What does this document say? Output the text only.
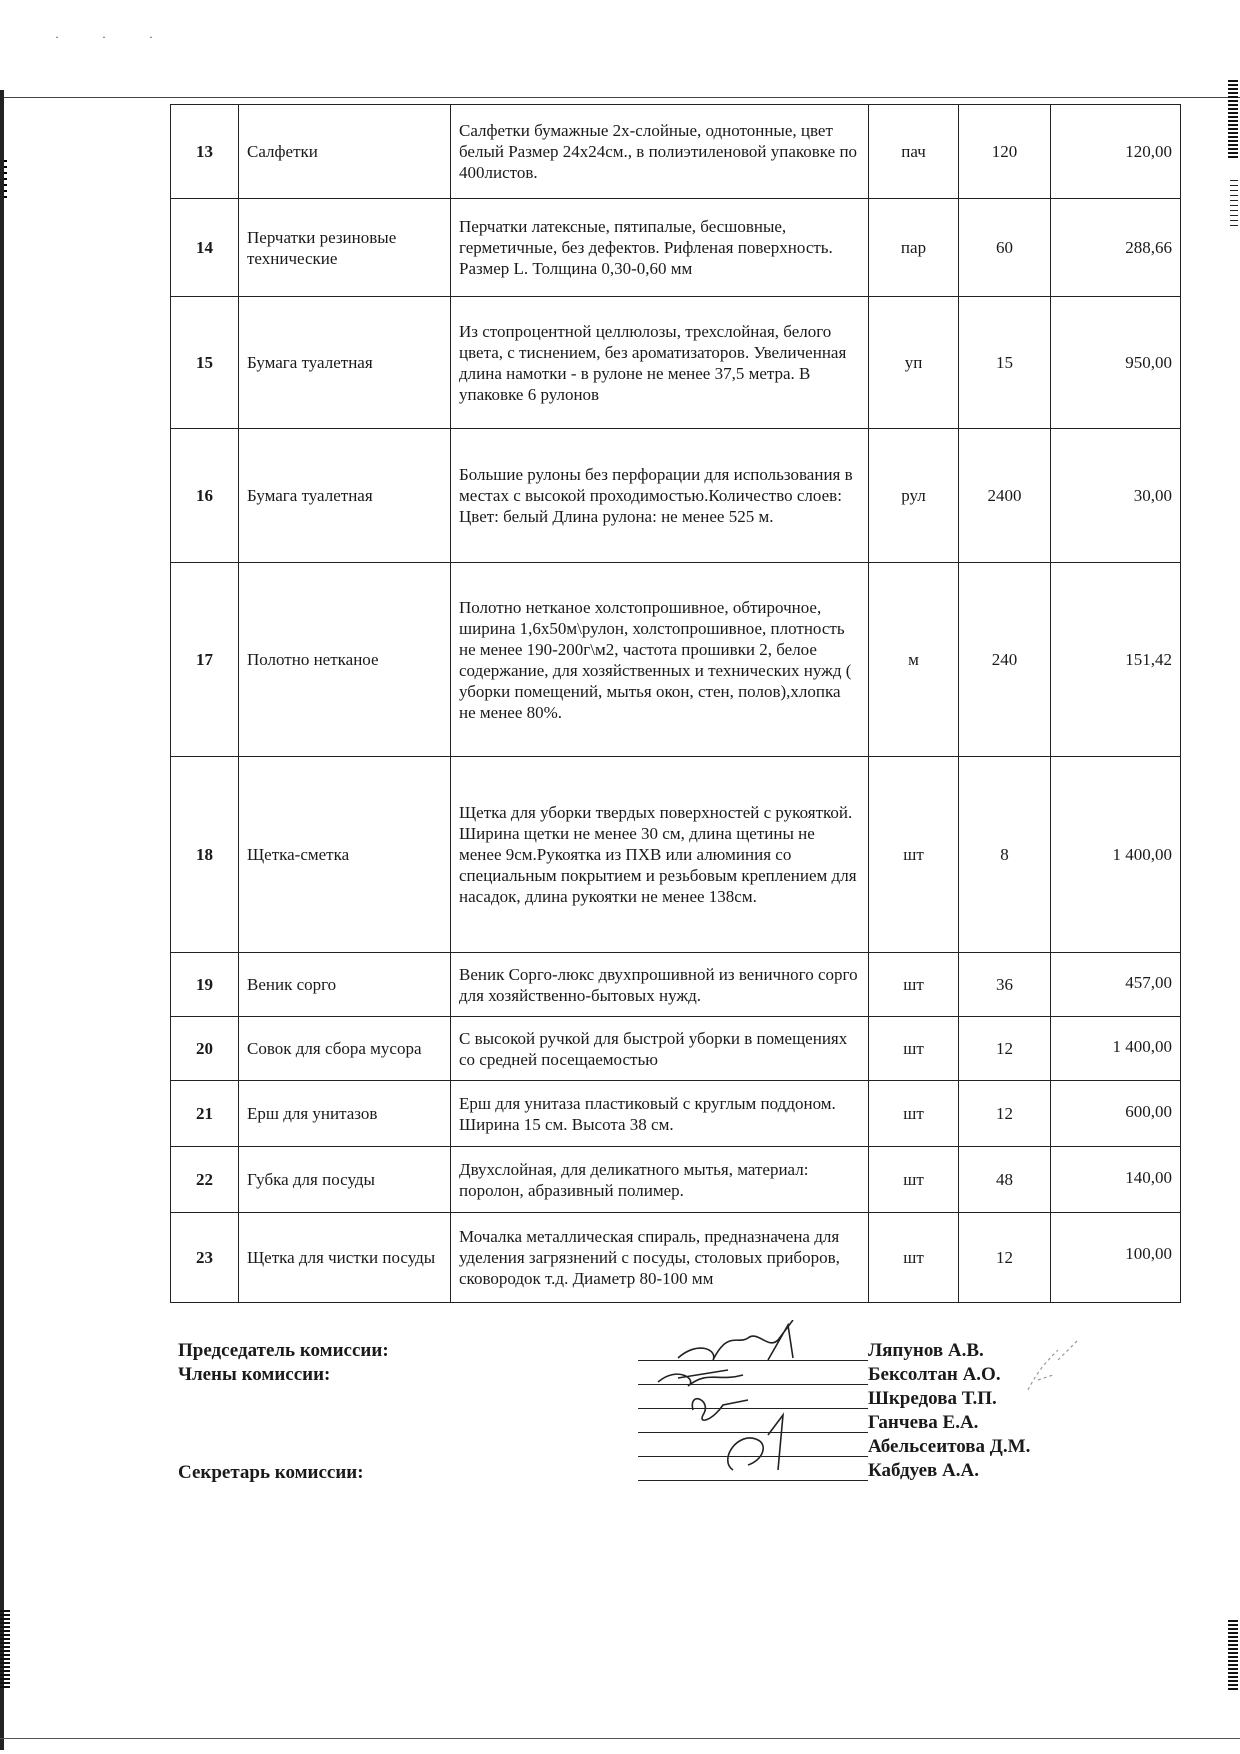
· · ·
13	Салфетки	Салфетки бумажные 2х-слойные, однотонные, цвет белый Размер 24х24см., в полиэтиленовой упаковке по 400листов.	пач	120	120,00
14	Перчатки резиновые технические	Перчатки латексные, пятипалые, бесшовные, герметичные, без дефектов. Рифленая поверхность. Размер L. Толщина 0,30-0,60 мм	пар	60	288,66
15	Бумага туалетная	Из стопроцентной целлюлозы, трехслойная, белого цвета, с тиснением, без ароматизаторов. Увеличенная длина намотки - в рулоне не менее 37,5 метра. В упаковке 6 рулонов	уп	15	950,00
16	Бумага туалетная	Большие рулоны без перфорации для использования в местах с высокой проходимостью.Количество слоев: Цвет: белый Длина рулона: не менее 525 м.	рул	2400	30,00
17	Полотно нетканое	Полотно нетканое холстопрошивное, обтирочное, ширина 1,6х50м\рулон, холстопрошивное, плотность не менее 190-200г\м2, частота прошивки 2, белое содержание, для хозяйственных и технических нужд ( уборки помещений, мытья окон, стен, полов),хлопка не менее 80%.	м	240	151,42
18	Щетка-сметка	Щетка для уборки твердых поверхностей с рукояткой. Ширина щетки не менее 30 см, длина щетины не менее 9см.Рукоятка из ПХВ или алюминия со специальным покрытием и резьбовым креплением для насадок, длина рукоятки не менее 138см.	шт	8	1 400,00
19	Веник сорго	Веник Сорго-люкс двухпрошивной из веничного сорго для хозяйственно-бытовых нужд.	шт	36	457,00
20	Совок для сбора мусора	С высокой ручкой для быстрой уборки в помещениях со средней посещаемостью	шт	12	1 400,00
21	Ерш для унитазов	Ерш для унитаза пластиковый с круглым поддоном. Ширина 15 см. Высота 38 см.	шт	12	600,00
22	Губка для посуды	Двухслойная, для деликатного мытья, материал: поролон, абразивный полимер.	шт	48	140,00
23	Щетка для чистки посуды	Мочалка металлическая спираль, предназначена для уделения загрязнений с посуды, столовых приборов, сковородок т.д. Диаметр 80-100 мм	шт	12	100,00
Председатель комиссии:
Члены комиссии:
Секретарь комиссии:
Ляпунов А.В.
Бексолтан А.О.
Шкредова Т.П.
Ганчева Е.А.
Абельсеитова Д.М.
Кабдуев А.А.
